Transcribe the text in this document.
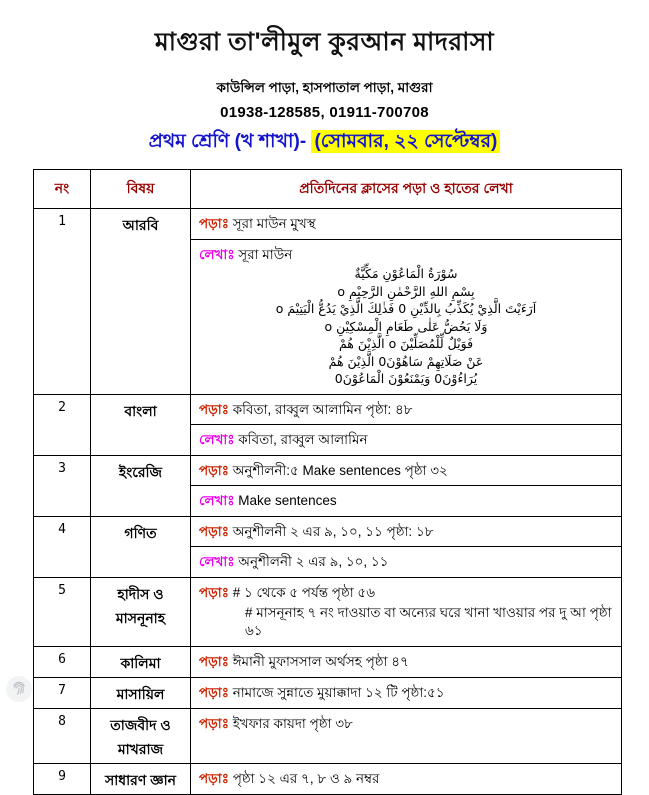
মাগুরা তা'লীমুল কুরআন মাদরাসা
কাউন্সিল পাড়া, হাসপাতাল পাড়া, মাগুরা
01938-128585, 01911-700708
প্রথম শ্রেণি (খ শাখা)- (সোমবার, ২২ সেপ্টেম্বর)
নং	বিষয়	প্রতিদিনের ক্লাসের পড়া ও হাতের লেখা
1	আরবি	পড়াঃ সূরা মাউন মুখস্থ
লেখাঃ সূরা মাউন
سُوْرَةُ الْمَاعُوْنِ مَكِّيَّةٌ
بِسْمِ اللهِ الرَّحْمٰنِ الرَّحِيْمِ o
اَرَءَيْتَ الَّذِيْ يُكَذِّبُ بِالدِّيْنِ 0 فَذٰلِكَ الَّذِيْ يَدُعُّ الْيَتِيْمَ o
وَلَا يَحُضُّ عَلٰى طَعَامِ الْمِسْكِيْنِ o
فَوَيْلٌ لِّلْمُصَلِّيْنَ o الَّذِيْنَ هُمْ
عَنْ صَلَاتِهِمْ سَاهُوْنَ0 الَّذِيْنَ هُمْ
يُرَاءُوْنَ0 وَيَمْنَعُوْنَ الْمَاعُوْنَ0

2	বাংলা	পড়াঃ কবিতা, রাব্বুল আলামিন পৃষ্ঠা: ৪৮
লেখাঃ কবিতা, রাব্বুল আলামিন

3	ইংরেজি	পড়াঃ অনুশীলনী:৫ Make sentences পৃষ্ঠা ৩২
লেখাঃ Make sentences

4	গণিত	পড়াঃ অনুশীলনী ২ এর ৯, ১০, ১১ পৃষ্ঠা: ১৮
লেখাঃ অনুশীলনী ২ এর ৯, ১০, ১১

5	হাদীস ও মাসনূনাহ	পড়াঃ # ১ থেকে ৫ পর্যন্ত পৃষ্ঠা ৫৬
# মাসনূনাহ ৭ নং দাওয়াত বা অন্যের ঘরে খানা খাওয়ার পর দু আ পৃষ্ঠা ৬১

6	কালিমা	পড়াঃ ঈমানী মুফাসসাল অর্থসহ পৃষ্ঠা ৪৭

7	মাসায়িল	পড়াঃ নামাজে সুন্নাতে মুয়াক্কাদা ১২ টি পৃষ্ঠা:৫১

8	তাজবীদ ও মাখরাজ	পড়াঃ ইখফার কায়দা পৃষ্ঠা ৩৮

9	সাধারণ জ্ঞান	পড়াঃ পৃষ্ঠা ১২ এর ৭, ৮ ও ৯ নম্বর
